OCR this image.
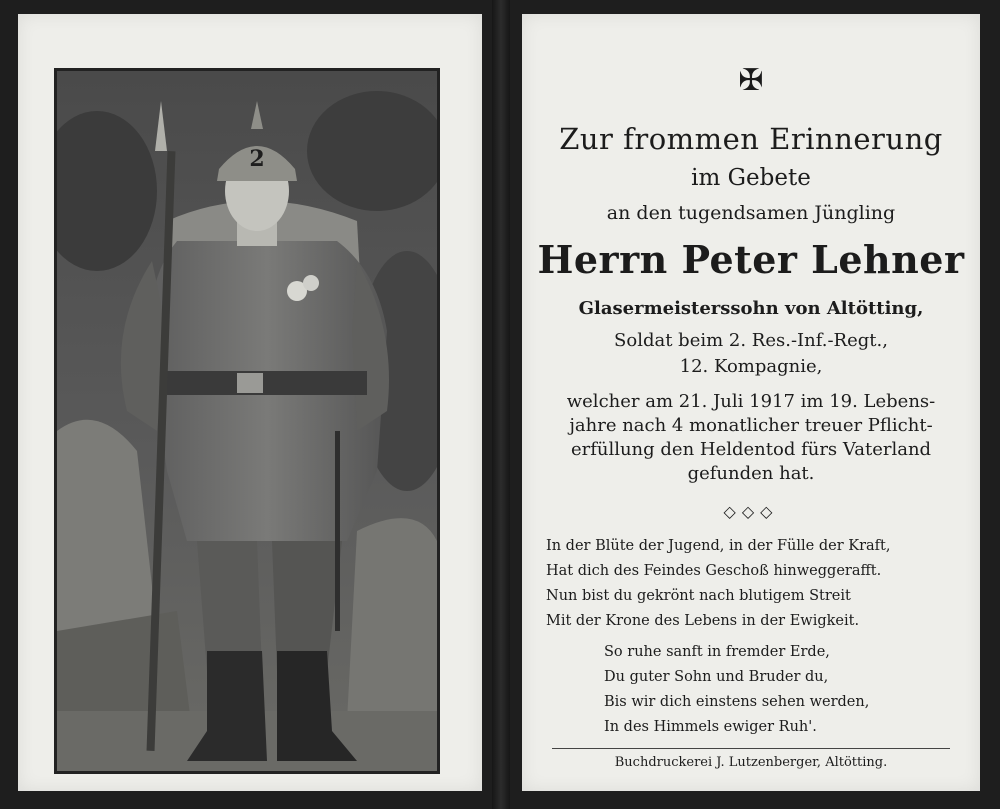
2
✠
Zur frommen Erinnerung
im Gebete
an den tugendsamen Jüngling
Herrn Peter Lehner
Glasermeisterssohn von Altötting,
Soldat beim 2. Res.-Inf.-Regt.,
12. Kompagnie,
welcher am 21. Juli 1917 im 19. Lebens-
jahre nach 4 monatlicher treuer Pflicht-
erfüllung den Heldentod fürs Vaterland
gefunden hat.
◇◇◇
In der Blüte der Jugend, in der Fülle der Kraft,
Hat dich des Feindes Geschoß hinweggerafft.
Nun bist du gekrönt nach blutigem Streit
Mit der Krone des Lebens in der Ewigkeit.
So ruhe sanft in fremder Erde,
Du guter Sohn und Bruder du,
Bis wir dich einstens sehen werden,
In des Himmels ewiger Ruh'.
Buchdruckerei J. Lutzenberger, Altötting.
